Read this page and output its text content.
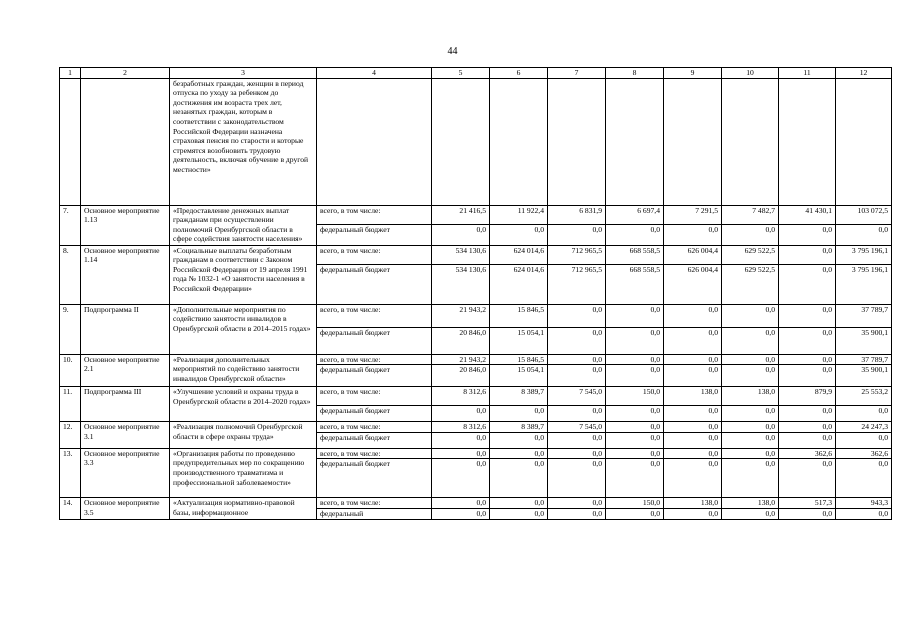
44
1	2	3	4	5	6	7	8	9	10	11	12
		безработных граждан, женщин в период отпуска по уходу за ребенком до достижения им возраста трех лет, незанятых граждан, которым в соответствии с законодательством Российской Федерации назначена страховая пенсия по старости и которые стремятся возобновить трудовую деятельность, включая обучение в другой местности»									
7.	Основное мероприятие 1.13	«Предоставление денежных выплат гражданам при осуществлении полномочий Оренбургской области в сфере содействия занятости населения»	всего, в том числе:	21 416,5	11 922,4	6 831,9	6 697,4	7 291,5	7 482,7	41 430,1	103 072,5
			федеральный бюджет	0,0	0,0	0,0	0,0	0,0	0,0	0,0	0,0
8.	Основное мероприятие 1.14	«Социальные выплаты безработным гражданам в соответствии с Законом Российской Федерации от 19 апреля 1991 года № 1032-1 «О занятости населения в Российской Федерации»	всего, в том числе:	534 130,6	624 014,6	712 965,5	668 558,5	626 004,4	629 522,5	0,0	3 795 196,1
			федеральный бюджет	534 130,6	624 014,6	712 965,5	668 558,5	626 004,4	629 522,5	0,0	3 795 196,1
9.	Подпрограмма II	«Дополнительные мероприятия по содействию занятости инвалидов в Оренбургской области в 2014–2015 годах»	всего, в том числе:	21 943,2	15 846,5	0,0	0,0	0,0	0,0	0,0	37 789,7
			федеральный бюджет	20 846,0	15 054,1	0,0	0,0	0,0	0,0	0,0	35 900,1
10.	Основное мероприятие 2.1	«Реализация дополнительных мероприятий по содействию занятости инвалидов Оренбургской области»	всего, в том числе:	21 943,2	15 846,5	0,0	0,0	0,0	0,0	0,0	37 789,7
			федеральный бюджет	20 846,0	15 054,1	0,0	0,0	0,0	0,0	0,0	35 900,1
11.	Подпрограмма III	«Улучшение условий и охраны труда в Оренбургской области в 2014–2020 годах»	всего, в том числе:	8 312,6	8 389,7	7 545,0	150,0	138,0	138,0	879,9	25 553,2
			федеральный бюджет	0,0	0,0	0,0	0,0	0,0	0,0	0,0	0,0
12.	Основное мероприятие 3.1	«Реализация полномочий Оренбургской области в сфере охраны труда»	всего, в том числе:	8 312,6	8 389,7	7 545,0	0,0	0,0	0,0	0,0	24 247,3
			федеральный бюджет	0,0	0,0	0,0	0,0	0,0	0,0	0,0	0,0
13.	Основное мероприятие 3.3	«Организация работы по проведению предупредительных мер по сокращению производственного травматизма и профессиональной заболеваемости»	всего, в том числе:	0,0	0,0	0,0	0,0	0,0	0,0	362,6	362,6
			федеральный бюджет	0,0	0,0	0,0	0,0	0,0	0,0	0,0	0,0
14.	Основное мероприятие 3.5	«Актуализация нормативно-правовой базы, информационное	всего, в том числе:	0,0	0,0	0,0	150,0	138,0	138,0	517,3	943,3
			федеральный	0,0	0,0	0,0	0,0	0,0	0,0	0,0	0,0
